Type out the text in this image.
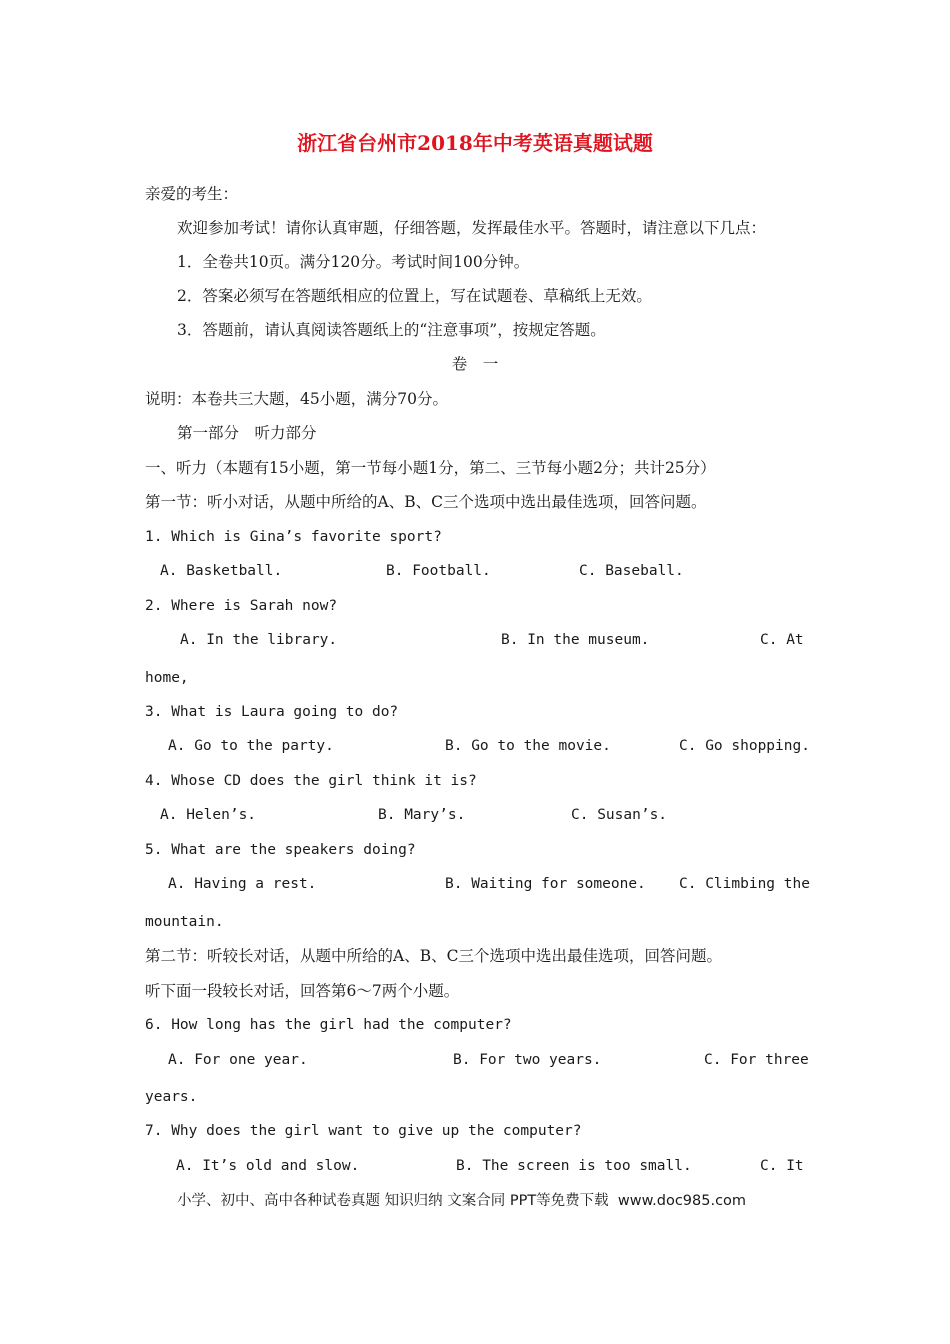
浙江省台州市2018年中考英语真题试题
亲爱的考生：
欢迎参加考试！请你认真审题，仔细答题，发挥最佳水平。答题时，请注意以下几点：
1．全卷共10页。满分120分。考试时间100分钟。
2．答案必须写在答题纸相应的位置上，写在试题卷、草稿纸上无效。
3．答题前，请认真阅读答题纸上的“注意事项”，按规定答题。
卷　一
说明：本卷共三大题，45小题，满分70分。
第一部分　听力部分
一、听力（本题有15小题，第一节每小题1分，第二、三节每小题2分；共计25分）
第一节：听小对话，从题中所给的A、B、C三个选项中选出最佳选项，回答问题。
1. Which is Gina’s favorite sport?
A. Basketball.	B. Football.	C. Baseball.
2. Where is Sarah now?
A. In the library.	B. In the museum.	C. At
home,
3. What is Laura going to do?
A. Go to the party.	B. Go to the movie.	C. Go shopping.
4. Whose CD does the girl think it is?
A. Helen’s.	B. Mary’s.	C. Susan’s.
5. What are the speakers doing?
A. Having a rest.	B. Waiting for someone. C. Climbing the
mountain.
第二节：听较长对话，从题中所给的A、B、C三个选项中选出最佳选项，回答问题。
听下面一段较长对话，回答第6～7两个小题。
6. How long has the girl had the computer?
A. For one year.	B. For two years.	C. For three
years.
7. Why does the girl want to give up the computer?
A. It’s old and slow.	B. The screen is too small.	C. It
小学、初中、高中各种试卷真题 知识归纳 文案合同 PPT等免费下载  www.doc985.com
